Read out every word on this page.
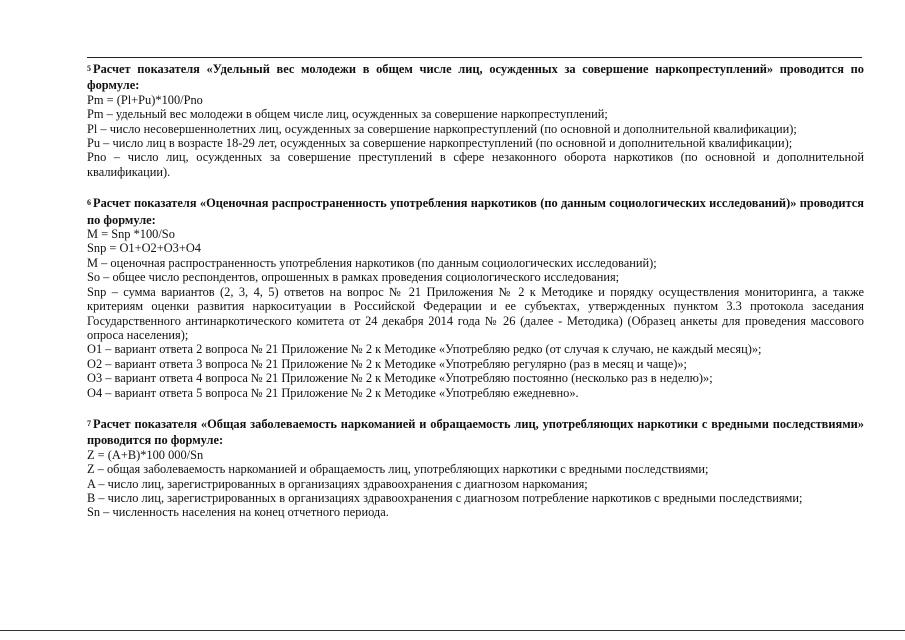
$^5$ Расчет показателя «Удельный вес молодежи в общем числе лиц, осужденных за совершение наркопреступлений» проводится по формуле:

Pm = (Pl+Pu)*100/Pno

Pm – удельный вес молодежи в общем числе лиц, осужденных за совершение наркопреступлений;

Pl – число несовершеннолетних лиц, осужденных за совершение наркопреступлений (по основной и дополнительной квалификации);

Pu – число лиц в возрасте 18-29 лет, осужденных за совершение наркопреступлений (по основной и дополнительной квалификации);

Pno – число лиц, осужденных за совершение преступлений в сфере незаконного оборота наркотиков (по основной и дополнительной квалификации).

$^6$ Расчет показателя «Оценочная распространенность употребления наркотиков (по данным социологических исследований)» проводится по формуле:

M = Snp *100/So

Snp = O1+O2+O3+O4

M – оценочная распространенность употребления наркотиков (по данным социологических исследований);

So – общее число респондентов, опрошенных в рамках проведения социологического исследования;

Snp – сумма вариантов (2, 3, 4, 5) ответов на вопрос № 21 Приложения № 2 к Методике и порядку осуществления мониторинга, а также критериям оценки развития наркоситуации в Российской Федерации и ее субъектах, утвержденных пунктом 3.3 протокола заседания Государственного антинаркотического комитета от 24 декабря 2014 года № 26 (далее - Методика) (Образец анкеты для проведения массового опроса населения);

O1 – вариант ответа 2 вопроса № 21 Приложение № 2 к Методике «Употребляю редко (от случая к случаю, не каждый месяц)»;

O2 – вариант ответа 3 вопроса № 21 Приложение № 2 к Методике «Употребляю регулярно (раз в месяц и чаще)»;

O3 – вариант ответа 4 вопроса № 21 Приложение № 2 к Методике «Употребляю постоянно (несколько раз в неделю)»;

O4 – вариант ответа 5 вопроса № 21 Приложение № 2 к Методике «Употребляю ежедневно».

$^7$ Расчет показателя «Общая заболеваемость наркоманией и обращаемость лиц, употребляющих наркотики с вредными последствиями» проводится по формуле:

Z = (A+B)*100 000/Sn

Z – общая заболеваемость наркоманией и обращаемость лиц, употребляющих наркотики с вредными последствиями;

A – число лиц, зарегистрированных в организациях здравоохранения с диагнозом наркомания;

B – число лиц, зарегистрированных в организациях здравоохранения с диагнозом потребление наркотиков с вредными последствиями;

Sn – численность населения на конец отчетного периода.
